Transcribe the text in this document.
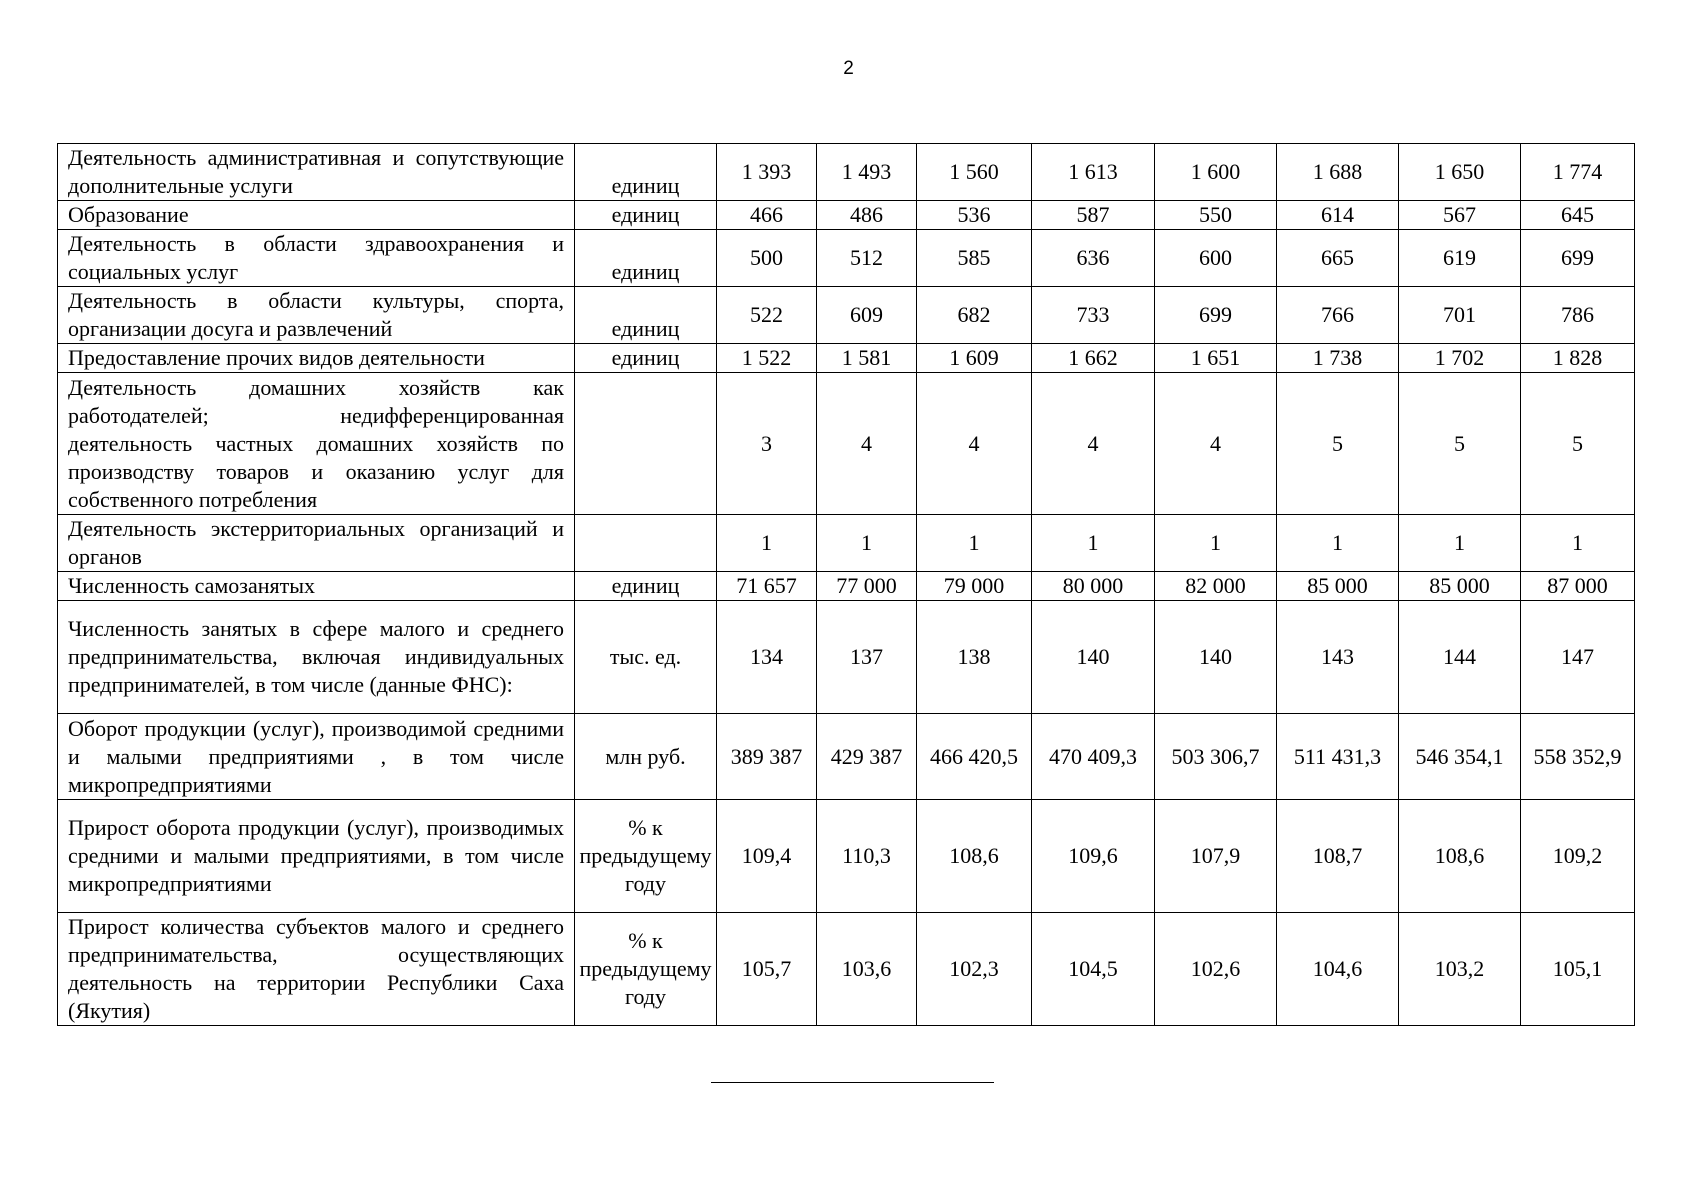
2
Деятельность административная и сопутствующие дополнительные услуги	единиц	1 393	1 493	1 560	1 613	1 600	1 688	1 650	1 774
Образование	единиц	466	486	536	587	550	614	567	645
Деятельность в области здравоохранения и социальных услуг	единиц	500	512	585	636	600	665	619	699
Деятельность в области культуры, спорта, организации досуга и развлечений	единиц	522	609	682	733	699	766	701	786
Предоставление прочих видов деятельности	единиц	1 522	1 581	1 609	1 662	1 651	1 738	1 702	1 828
Деятельность домашних хозяйств как работодателей; недифференцированная деятельность частных домашних хозяйств по производству товаров и оказанию услуг для собственного потребления		3	4	4	4	4	5	5	5
Деятельность экстерриториальных организаций и органов		1	1	1	1	1	1	1	1
Численность самозанятых	единиц	71 657	77 000	79 000	80 000	82 000	85 000	85 000	87 000
Численность занятых в сфере малого и среднего предпринимательства, включая индивидуальных предпринимателей, в том числе (данные ФНС):	тыс. ед.	134	137	138	140	140	143	144	147
Оборот продукции (услуг), производимой средними и малыми предприятиями , в том числе микропредприятиями	млн руб.	389 387	429 387	466 420,5	470 409,3	503 306,7	511 431,3	546 354,1	558 352,9
Прирост оборота продукции (услуг), производимых средними и малыми предприятиями, в том числе микропредприятиями	% к предыдущему году	109,4	110,3	108,6	109,6	107,9	108,7	108,6	109,2
Прирост количества субъектов малого и среднего предпринимательства, осуществляющих деятельность на территории Республики Саха (Якутия)	% к предыдущему году	105,7	103,6	102,3	104,5	102,6	104,6	103,2	105,1
